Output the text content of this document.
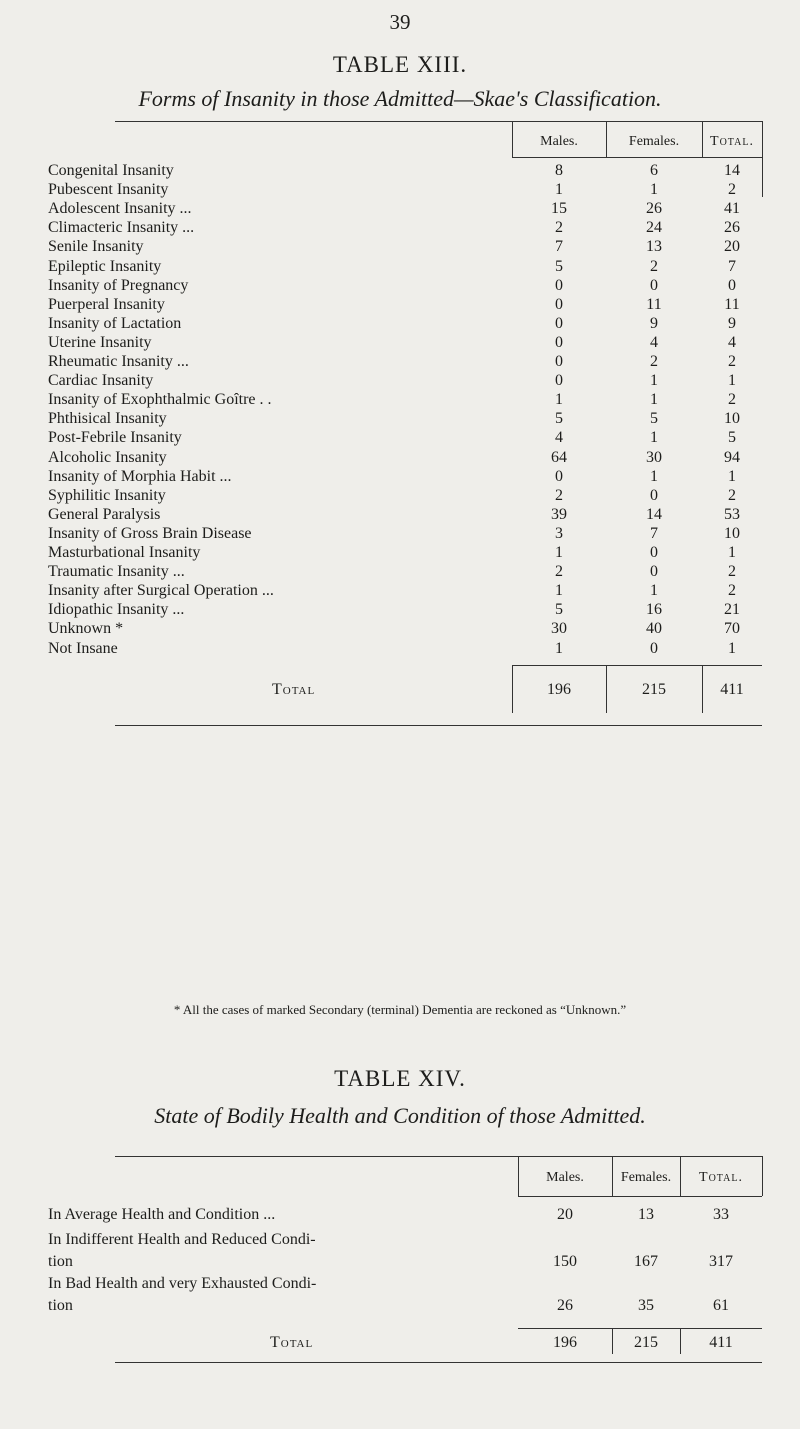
39
TABLE XIII.
Forms of Insanity in those Admitted—Skae's Classification.
Males.	Females.	Total.
Congenital Insanity	8	6	14
Pubescent Insanity	1	1	2
Adolescent Insanity ...	15	26	41
Climacteric Insanity ...	2	24	26
Senile Insanity	7	13	20
Epileptic Insanity	5	2	7
Insanity of Pregnancy	0	0	0
Puerperal Insanity	0	11	11
Insanity of Lactation	0	9	9
Uterine Insanity	0	4	4
Rheumatic Insanity ...	0	2	2
Cardiac Insanity	0	1	1
Insanity of Exophthalmic Goître . .	1	1	2
Phthisical Insanity	5	5	10
Post-Febrile Insanity	4	1	5
Alcoholic Insanity	64	30	94
Insanity of Morphia Habit ...	0	1	1
Syphilitic Insanity	2	0	2
General Paralysis	39	14	53
Insanity of Gross Brain Disease	3	7	10
Masturbational Insanity	1	0	1
Traumatic Insanity ...	2	0	2
Insanity after Surgical Operation ...	1	1	2
Idiopathic Insanity ...	5	16	21
Unknown *	30	40	70
Not Insane	1	0	1
Total	196	215	411
* All the cases of marked Secondary (terminal) Dementia are reckoned as “Unknown.”
TABLE XIV.
State of Bodily Health and Condition of those Admitted.
Males.	Females.	Total.
In Average Health and Condition ...	20	13	33
In Indifferent Health and Reduced Condi-
tion	150	167	317
In Bad Health and very Exhausted Condi-
tion	26	35	61
Total	196	215	411
